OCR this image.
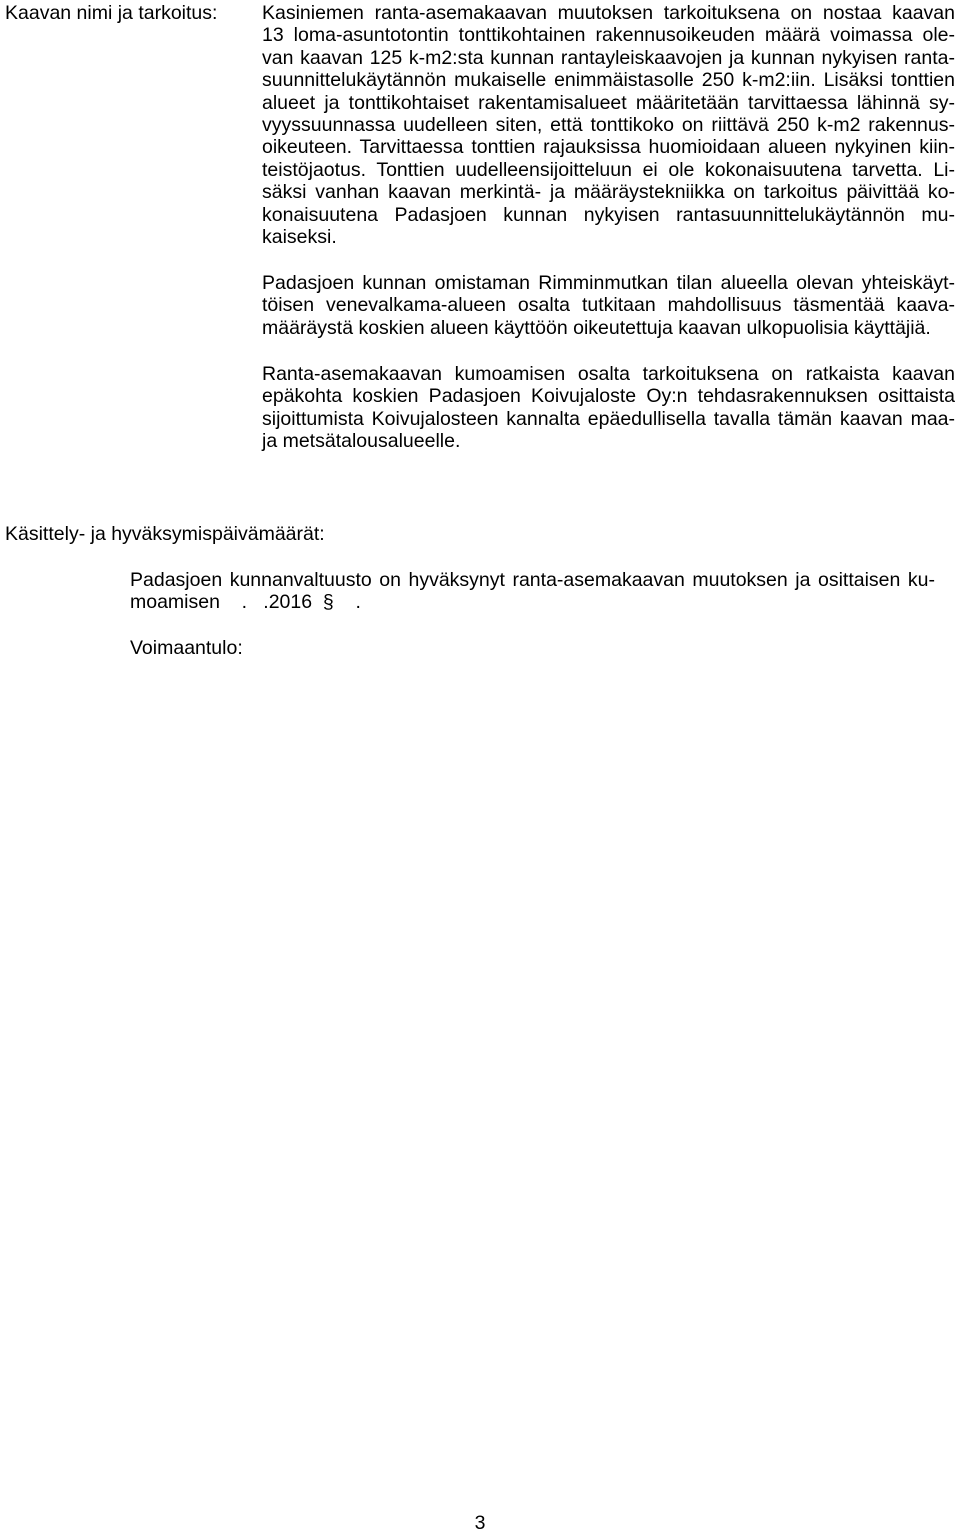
Kaavan nimi ja tarkoitus: Kasiniemen ranta-asemakaavan muutoksen tarkoituksena on nostaa kaavan
13 loma-asuntotontin tonttikohtainen rakennusoikeuden määrä voimassa ole-
van kaavan 125 k-m2:sta kunnan rantayleiskaavojen ja kunnan nykyisen ranta-
suunnittelukäytännön mukaiselle enimmäistasolle 250 k-m2:iin. Lisäksi tonttien
alueet ja tonttikohtaiset rakentamisalueet määritetään tarvittaessa lähinnä sy-
vyyssuunnassa uudelleen siten, että tonttikoko on riittävä 250 k-m2 rakennus-
oikeuteen. Tarvittaessa tonttien rajauksissa huomioidaan alueen nykyinen kiin-
teistöjaotus. Tonttien uudelleensijoitteluun ei ole kokonaisuutena tarvetta. Li-
säksi vanhan kaavan merkintä- ja määräystekniikka on tarkoitus päivittää ko-
konaisuutena Padasjoen kunnan nykyisen rantasuunnittelukäytännön mu-
kaiseksi.
Padasjoen kunnan omistaman Rimminmutkan tilan alueella olevan yhteiskäyt-
töisen venevalkama-alueen osalta tutkitaan mahdollisuus täsmentää kaava-
määräystä koskien alueen käyttöön oikeutettuja kaavan ulkopuolisia käyttäjiä.
Ranta-asemakaavan kumoamisen osalta tarkoituksena on ratkaista kaavan
epäkohta koskien Padasjoen Koivujaloste Oy:n tehdasrakennuksen osittaista
sijoittumista Koivujalosteen kannalta epäedullisella tavalla tämän kaavan maa-
ja metsätalousalueelle.
Käsittely- ja hyväksymispäivämäärät:
Padasjoen kunnanvaltuusto on hyväksynyt ranta-asemakaavan muutoksen ja osittaisen ku-
moamisen    .   .2016  §    .
Voimaantulo:
3
